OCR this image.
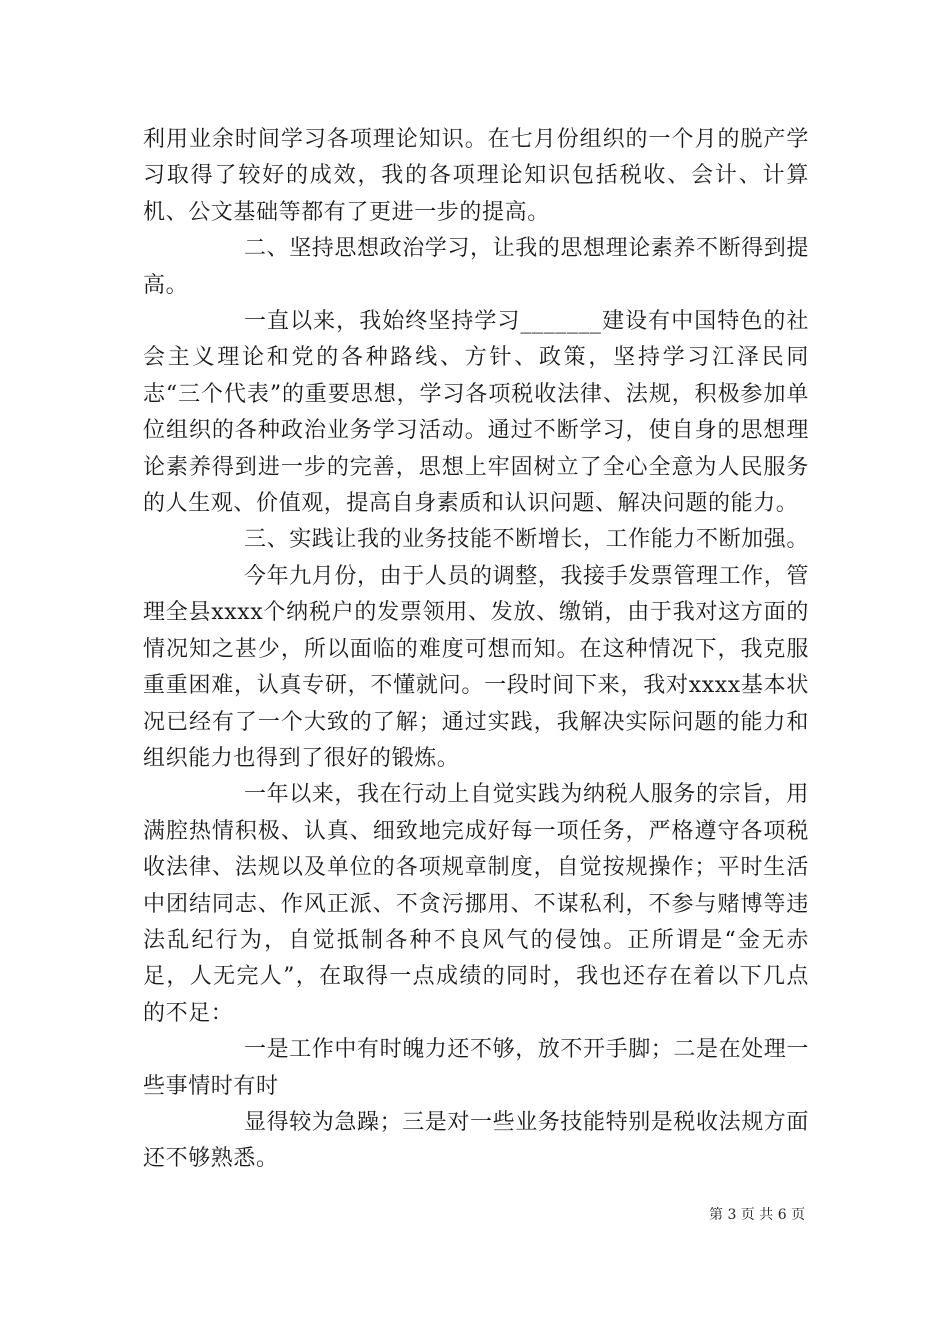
利用业余时间学习各项理论知识。在七月份组织的一个月的脱产学习取得了较好的成效，我的各项理论知识包括税收、会计、计算机、公文基础等都有了更进一步的提高。

二、坚持思想政治学习，让我的思想理论素养不断得到提高。

一直以来，我始终坚持学习_______建设有中国特色的社会主义理论和党的各种路线、方针、政策，坚持学习江泽民同志“三个代表”的重要思想，学习各项税收法律、法规，积极参加单位组织的各种政治业务学习活动。通过不断学习，使自身的思想理论素养得到进一步的完善，思想上牢固树立了全心全意为人民服务的人生观、价值观，提高自身素质和认识问题、解决问题的能力。

三、实践让我的业务技能不断增长，工作能力不断加强。

今年九月份，由于人员的调整，我接手发票管理工作，管理全县xxxx个纳税户的发票领用、发放、缴销，由于我对这方面的情况知之甚少，所以面临的难度可想而知。在这种情况下，我克服重重困难，认真专研，不懂就问。一段时间下来，我对xxxx基本状况已经有了一个大致的了解；通过实践，我解决实际问题的能力和组织能力也得到了很好的锻炼。

一年以来，我在行动上自觉实践为纳税人服务的宗旨，用满腔热情积极、认真、细致地完成好每一项任务，严格遵守各项税收法律、法规以及单位的各项规章制度，自觉按规操作；平时生活中团结同志、作风正派、不贪污挪用、不谋私利，不参与赌博等违法乱纪行为，自觉抵制各种不良风气的侵蚀。正所谓是“金无赤足，人无完人”，在取得一点成绩的同时，我也还存在着以下几点的不足：

一是工作中有时魄力还不够，放不开手脚；二是在处理一些事情时有时

显得较为急躁；三是对一些业务技能特别是税收法规方面还不够熟悉。

第 3 页 共 6 页
